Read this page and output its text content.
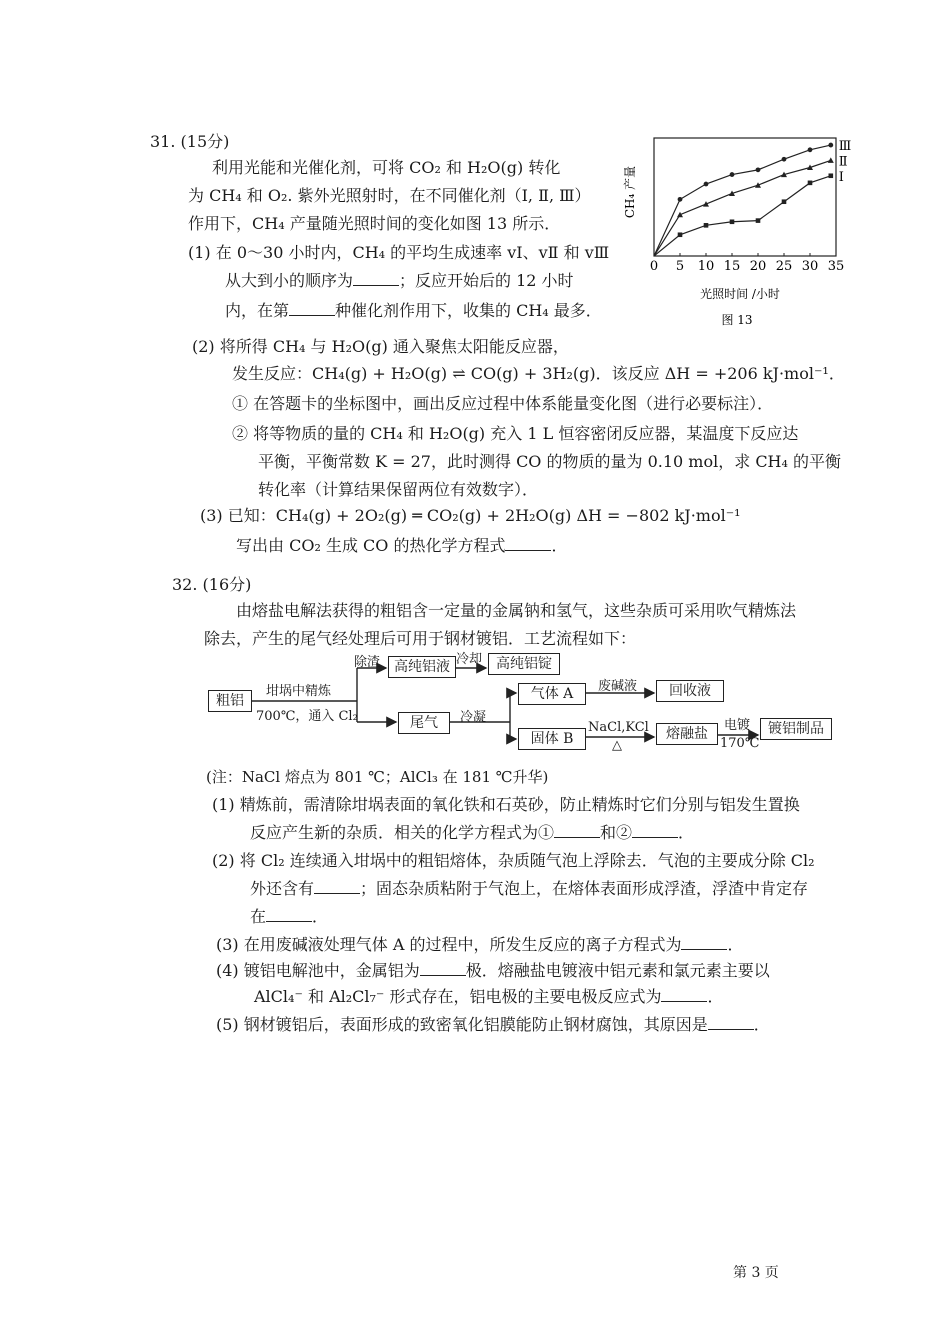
31. (15分)
利用光能和光催化剂，可将 CO₂ 和 H₂O(g) 转化
为 CH₄ 和 O₂. 紫外光照射时，在不同催化剂（Ⅰ, Ⅱ, Ⅲ）
作用下，CH₄ 产量随光照时间的变化如图 13 所示．
(1) 在 0～30 小时内，CH₄ 的平均生成速率 vⅠ、vⅡ 和 vⅢ
从大到小的顺序为	；反应开始后的 12 小时
内，在第	种催化剂作用下，收集的 CH₄ 最多．
(2) 将所得 CH₄ 与 H₂O(g) 通入聚焦太阳能反应器，
发生反应：CH₄(g) + H₂O(g) ⇌ CO(g) + 3H₂(g)．该反应 ΔH = +206 kJ·mol⁻¹．
① 在答题卡的坐标图中，画出反应过程中体系能量变化图（进行必要标注）．
② 将等物质的量的 CH₄ 和 H₂O(g) 充入 1 L 恒容密闭反应器，某温度下反应达
平衡，平衡常数 K = 27，此时测得 CO 的物质的量为 0.10 mol，求 CH₄ 的平衡
转化率（计算结果保留两位有效数字）．
(3) 已知：CH₄(g) + 2O₂(g) ═ CO₂(g) + 2H₂O(g) ΔH = −802 kJ·mol⁻¹
写出由 CO₂ 生成 CO 的热化学方程式	．
Ⅲ
Ⅱ
Ⅰ
0 5 10 15 20 25 30 35
CH₄ 产量
光照时间 /小时
图 13
32. (16分)
由熔盐电解法获得的粗铝含一定量的金属钠和氢气，这些杂质可采用吹气精炼法
除去，产生的尾气经处理后可用于钢材镀铝．工艺流程如下：
粗铝
高纯铝液	高纯铝锭
尾气
气体 A	回收液
固体 B	熔融盐	镀铝制品
坩埚中精炼
700℃，通入 Cl₂
除渣	冷却
冷凝
废碱液
NaCl,KCl
△
电镀
170℃
(注：NaCl 熔点为 801 ℃；AlCl₃ 在 181 ℃升华)
(1) 精炼前，需清除坩埚表面的氧化铁和石英砂，防止精炼时它们分别与铝发生置换
反应产生新的杂质．相关的化学方程式为①	和②	．
(2) 将 Cl₂ 连续通入坩埚中的粗铝熔体，杂质随气泡上浮除去．气泡的主要成分除 Cl₂
外还含有	；固态杂质粘附于气泡上，在熔体表面形成浮渣，浮渣中肯定存
在	．
(3) 在用废碱液处理气体 A 的过程中，所发生反应的离子方程式为	．
(4) 镀铝电解池中，金属铝为	极．熔融盐电镀液中铝元素和氯元素主要以
AlCl₄⁻ 和 Al₂Cl₇⁻ 形式存在，铝电极的主要电极反应式为	．
(5) 钢材镀铝后，表面形成的致密氧化铝膜能防止钢材腐蚀，其原因是	．
第 3 页
